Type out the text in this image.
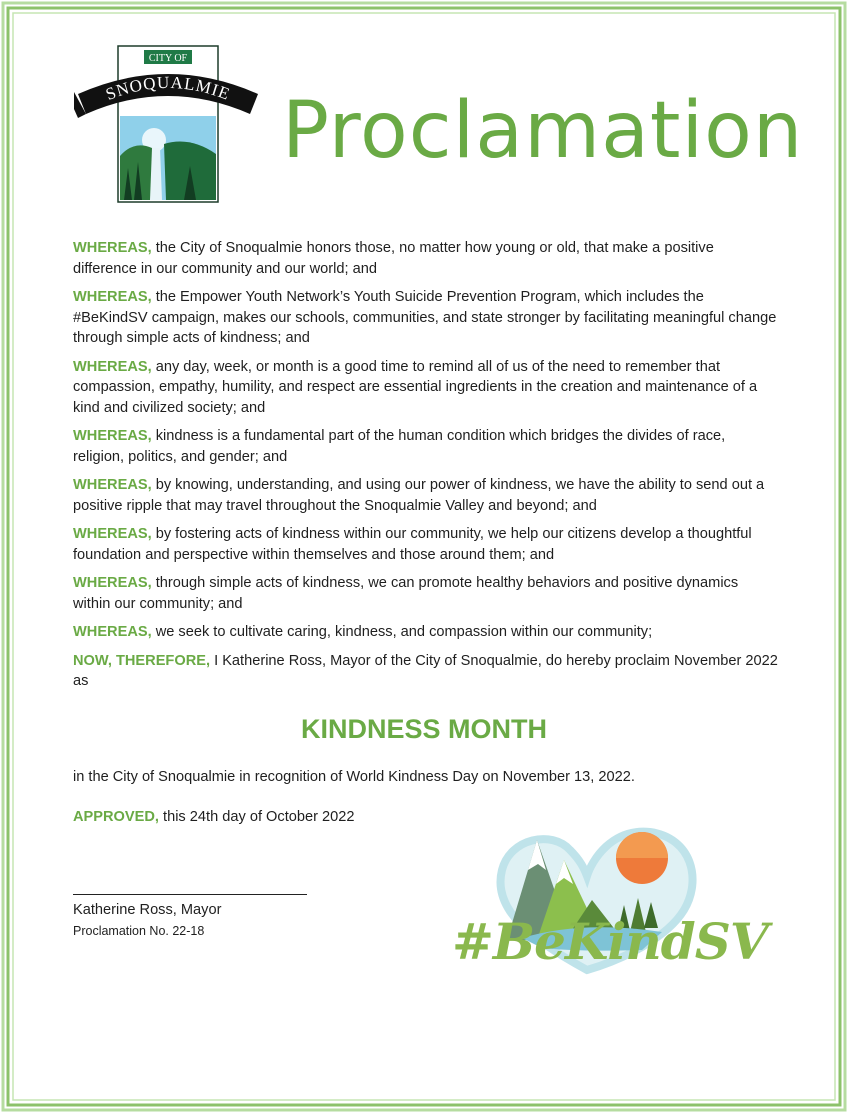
CITY OF
SNOQUALMIE Proclamation

WHEREAS, the City of Snoqualmie honors those, no matter how young or old, that make a positive difference in our community and our world; and

WHEREAS, the Empower Youth Network’s Youth Suicide Prevention Program, which includes the #BeKindSV campaign, makes our schools, communities, and state stronger by facilitating meaningful change through simple acts of kindness; and

WHEREAS, any day, week, or month is a good time to remind all of us of the need to remember that compassion, empathy, humility, and respect are essential ingredients in the creation and maintenance of a kind and civilized society; and

WHEREAS, kindness is a fundamental part of the human condition which bridges the divides of race, religion, politics, and gender; and

WHEREAS, by knowing, understanding, and using our power of kindness, we have the ability to send out a positive ripple that may travel throughout the Snoqualmie Valley and beyond; and

WHEREAS, by fostering acts of kindness within our community, we help our citizens develop a thoughtful foundation and perspective within themselves and those around them; and

WHEREAS, through simple acts of kindness, we can promote healthy behaviors and positive dynamics within our community; and

WHEREAS, we seek to cultivate caring, kindness, and compassion within our community;

NOW, THEREFORE, I Katherine Ross, Mayor of the City of Snoqualmie, do hereby proclaim November 2022 as

KINDNESS MONTH
in the City of Snoqualmie in recognition of World Kindness Day on November 13, 2022.
APPROVED, this 24th day of October 2022
Katherine Ross, Mayor
Proclamation No. 22-18	#BeKindSV
